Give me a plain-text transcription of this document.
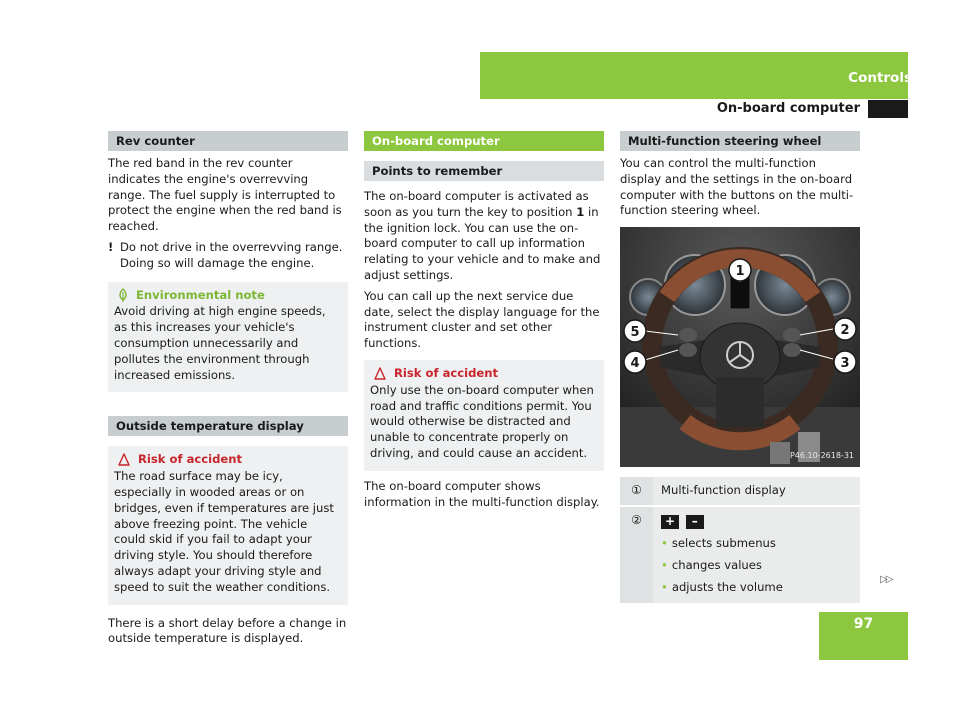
Controls
On-board computer
Rev counter

The red band in the rev counter indicates the engine's overrevving range. The fuel supply is interrupted to protect the engine when the red band is reached.

! Do not drive in the overrevving range. Doing so will damage the engine.
Environmental note

Avoid driving at high engine speeds, as this increases your vehicle's consumption unnecessarily and pollutes the environment through increased emissions.

Outside temperature display
Risk of accident

The road surface may be icy, especially in wooded areas or on bridges, even if temperatures are just above freezing point. The vehicle could skid if you fail to adapt your driving style. You should therefore always adapt your driving style and speed to suit the weather conditions.

There is a short delay before a change in outside temperature is displayed.

On-board computer
Points to remember

The on-board computer is activated as soon as you turn the key to position 1 in the ignition lock. You can use the on-board computer to call up information relating to your vehicle and to make and adjust settings.

You can call up the next service due date, select the display language for the instrument cluster and set other functions.

Risk of accident

Only use the on-board computer when road and traffic conditions permit. You would otherwise be distracted and unable to concentrate properly on driving, and could cause an accident.

The on-board computer shows information in the multi-function display.

Multi-function steering wheel

You can control the multi-function display and the settings in the on-board computer with the buttons on the multi-function steering wheel.

1
2
3
4
5
P46.10-2618-31
①	Multi-function display
②	+ –
• selects submenus
• changes values
• adjusts the volume
▷▷
97
